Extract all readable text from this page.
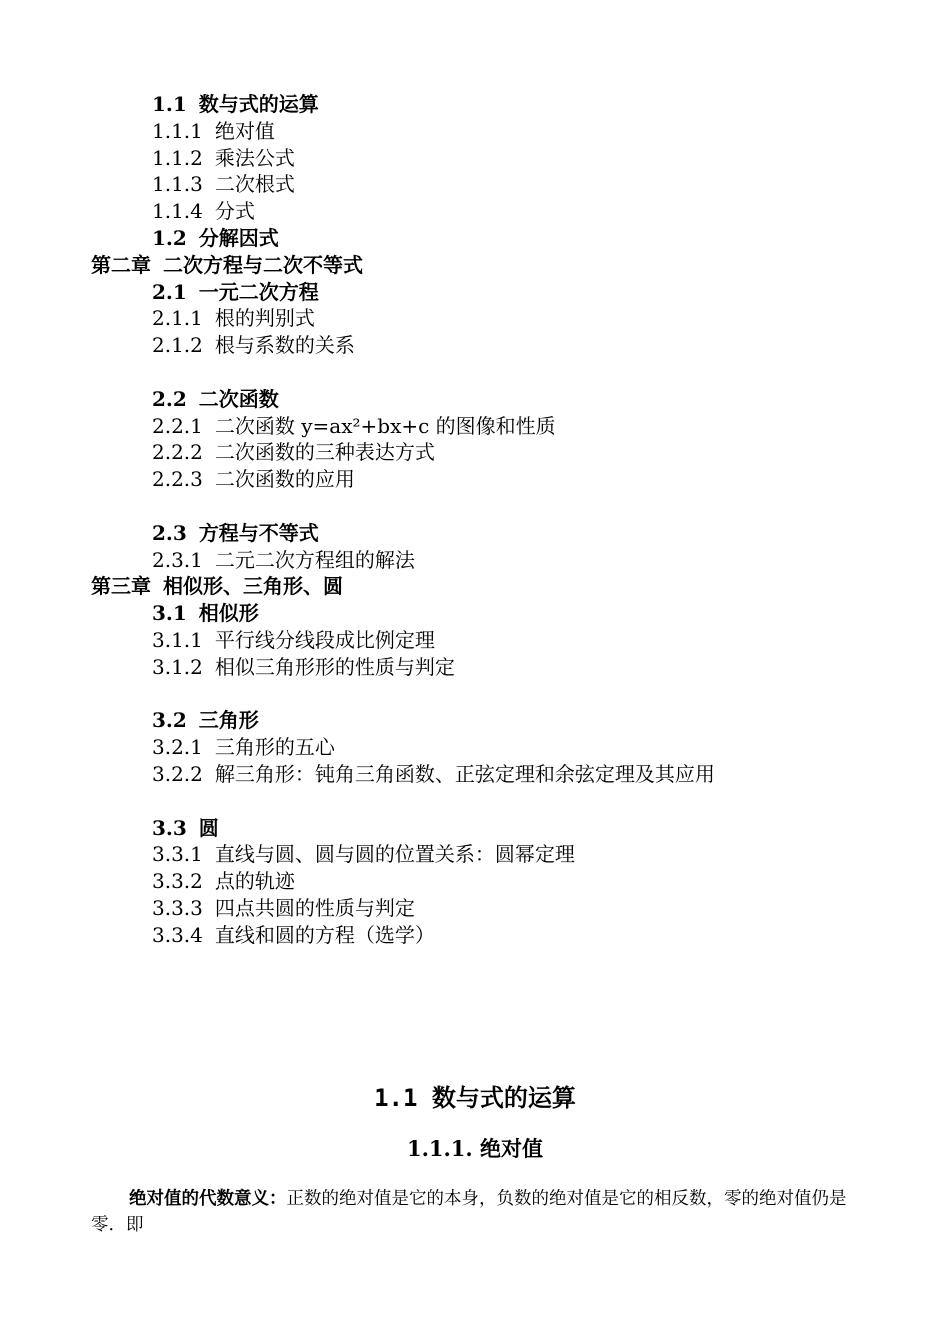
1.1 数与式的运算
1.1.1 绝对值
1.1.2 乘法公式
1.1.3 二次根式
1.1.4 分式
1.2 分解因式
第二章 二次方程与二次不等式
2.1 一元二次方程
2.1.1 根的判别式
2.1.2 根与系数的关系
2.2 二次函数
2.2.1 二次函数 y=ax²+bx+c 的图像和性质
2.2.2 二次函数的三种表达方式
2.2.3 二次函数的应用
2.3 方程与不等式
2.3.1 二元二次方程组的解法
第三章 相似形、三角形、圆
3.1 相似形
3.1.1 平行线分线段成比例定理
3.1.2 相似三角形形的性质与判定
3.2 三角形
3.2.1 三角形的五心
3.2.2 解三角形：钝角三角函数、正弦定理和余弦定理及其应用
3.3 圆
3.3.1 直线与圆、圆与圆的位置关系：圆幂定理
3.3.2 点的轨迹
3.3.3 四点共圆的性质与判定
3.3.4 直线和圆的方程（选学）
1.1 数与式的运算
1.1.1. 绝对值
绝对值的代数意义：正数的绝对值是它的本身，负数的绝对值是它的相反数，零的绝对值仍是零．即
